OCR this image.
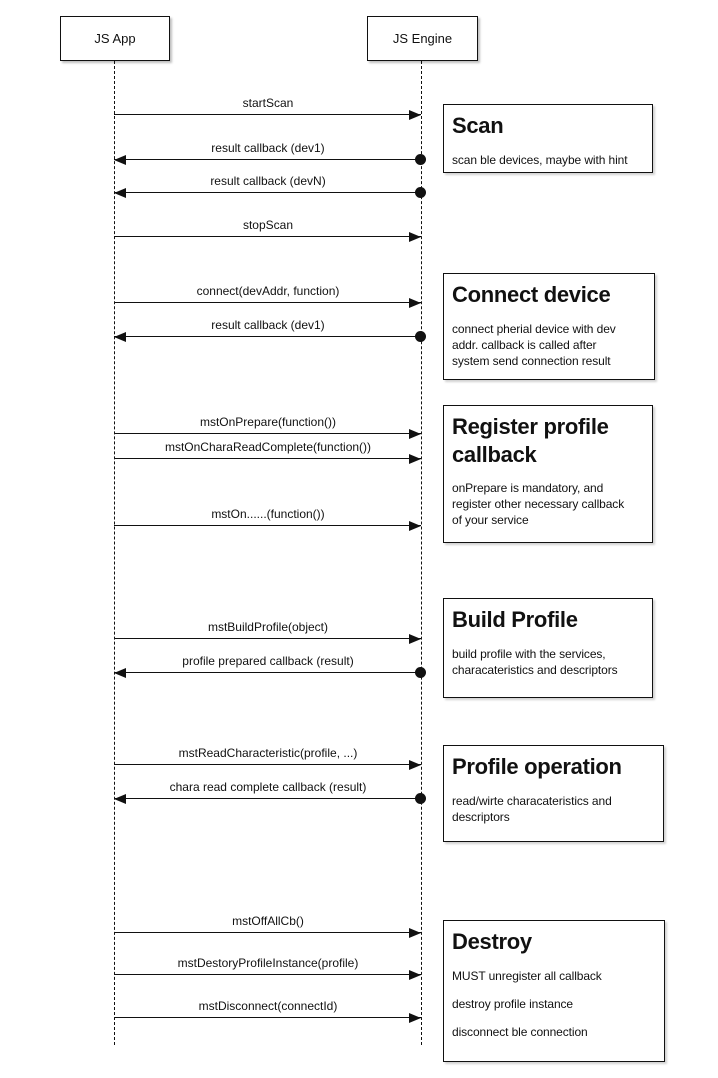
JS App	JS Engine
startScan
result callback (dev1)
result callback (devN)
stopScan
connect(devAddr, function)
result callback (dev1)
mstOnPrepare(function())
mstOnCharaReadComplete(function())
mstOn......(function())
mstBuildProfile(object)
profile prepared callback (result)
mstReadCharacteristic(profile, ...)
chara read complete callback (result)
mstOffAllCb()
mstDestoryProfileInstance(profile)
mstDisconnect(connectId)
Scan

scan ble devices, maybe with hint

Connect device

connect pherial device with dev
addr. callback is called after
system send connection result

Register profile
callback

onPrepare is mandatory, and
register other necessary callback
of your service

Build Profile

build profile with the services,
characateristics and descriptors

Profile operation

read/wirte characateristics and
descriptors

Destroy

MUST unregister all callback

destroy profile instance

disconnect ble connection
